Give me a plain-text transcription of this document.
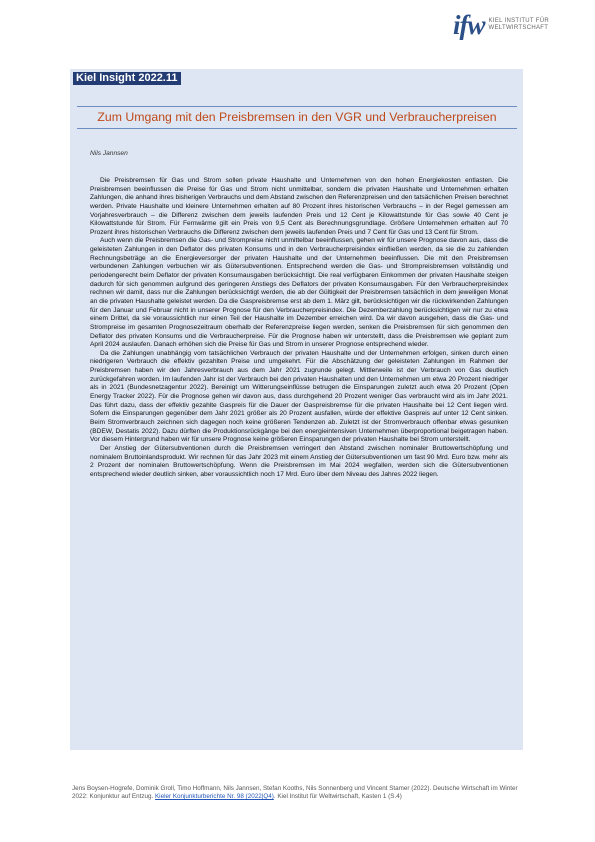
ifw KIEL INSTITUT FÜR
WELTWIRTSCHAFT
Kiel Insight 2022.11
Zum Umgang mit den Preisbremsen in den VGR und Verbraucherpreisen
Nils Jannsen

Die Preisbremsen für Gas und Strom sollen private Haushalte und Unternehmen von den hohen Energiekosten entlasten. Die Preisbremsen beeinflussen die Preise für Gas und Strom nicht unmittelbar, sondern die privaten Haushalte und Unternehmen erhalten Zahlungen, die anhand ihres bisherigen Verbrauchs und dem Abstand zwischen den Referenzpreisen und den tatsächlichen Preisen berechnet werden. Private Haushalte und kleinere Unternehmen erhalten auf 80 Prozent ihres historischen Verbrauchs – in der Regel gemessen am Vorjahresverbrauch – die Differenz zwischen dem jeweils laufenden Preis und 12 Cent je Kilowattstunde für Gas sowie 40 Cent je Kilowattstunde für Strom. Für Fernwärme gilt ein Preis von 9,5 Cent als Berechnungsgrundlage. Größere Unternehmen erhalten auf 70 Prozent ihres historischen Verbrauchs die Differenz zwischen dem jeweils laufenden Preis und 7 Cent für Gas und 13 Cent für Strom.

Auch wenn die Preisbremsen die Gas- und Strompreise nicht unmittelbar beeinflussen, gehen wir für unsere Prognose davon aus, dass die geleisteten Zahlungen in den Deflator des privaten Konsums und in den Verbraucherpreisindex einfließen werden, da sie die zu zahlenden Rechnungsbeträge an die Energieversorger der privaten Haushalte und der Unternehmen beeinflussen. Die mit den Preisbremsen verbundenen Zahlungen verbuchen wir als Gütersubventionen. Entsprechend werden die Gas- und Strompreisbremsen vollständig und periodengerecht beim Deflator der privaten Konsumausgaben berücksichtigt. Die real verfügbaren Einkommen der privaten Haushalte steigen dadurch für sich genommen aufgrund des geringeren Anstiegs des Deflators der privaten Konsumausgaben. Für den Verbraucherpreisindex rechnen wir damit, dass nur die Zahlungen berücksichtigt werden, die ab der Gültigkeit der Preisbremsen tatsächlich in dem jeweiligen Monat an die privaten Haushalte geleistet werden. Da die Gaspreisbremse erst ab dem 1. März gilt, berücksichtigen wir die rückwirkenden Zahlungen für den Januar und Februar nicht in unserer Prognose für den Verbraucherpreisindex. Die Dezemberzahlung berücksichtigen wir nur zu etwa einem Drittel, da sie voraussichtlich nur einen Teil der Haushalte im Dezember erreichen wird. Da wir davon ausgehen, dass die Gas- und Strompreise im gesamten Prognosezeitraum oberhalb der Referenzpreise liegen werden, senken die Preisbremsen für sich genommen den Deflator des privaten Konsums und die Verbraucherpreise. Für die Prognose haben wir unterstellt, dass die Preisbremsen wie geplant zum April 2024 auslaufen. Danach erhöhen sich die Preise für Gas und Strom in unserer Prognose entsprechend wieder.

Da die Zahlungen unabhängig vom tatsächlichen Verbrauch der privaten Haushalte und der Unternehmen erfolgen, sinken durch einen niedrigeren Verbrauch die effektiv gezahlten Preise und umgekehrt. Für die Abschätzung der geleisteten Zahlungen im Rahmen der Preisbremsen haben wir den Jahresverbrauch aus dem Jahr 2021 zugrunde gelegt. Mittlerweile ist der Verbrauch von Gas deutlich zurückgefahren worden. Im laufenden Jahr ist der Verbrauch bei den privaten Haushalten und den Unternehmen um etwa 20 Prozent niedriger als in 2021 (Bundesnetzagentur 2022). Bereinigt um Witterungseinflüsse betrugen die Einsparungen zuletzt auch etwa 20 Prozent (Open Energy Tracker 2022). Für die Prognose gehen wir davon aus, dass durchgehend 20 Prozent weniger Gas verbraucht wird als im Jahr 2021. Das führt dazu, dass der effektiv gezahlte Gaspreis für die Dauer der Gaspreisbremse für die privaten Haushalte bei 12 Cent liegen wird. Sofern die Einsparungen gegenüber dem Jahr 2021 größer als 20 Prozent ausfallen, würde der effektive Gaspreis auf unter 12 Cent sinken. Beim Stromverbrauch zeichnen sich dagegen noch keine größeren Tendenzen ab. Zuletzt ist der Stromverbrauch offenbar etwas gesunken (BDEW, Destatis 2022). Dazu dürften die Produktionsrückgänge bei den energieintensiven Unternehmen überproportional beigetragen haben. Vor diesem Hintergrund haben wir für unsere Prognose keine größeren Einsparungen der privaten Haushalte bei Strom unterstellt.

Der Anstieg der Gütersubventionen durch die Preisbremsen verringert den Abstand zwischen nominaler Bruttowertschöpfung und nominalem Bruttoinlandsprodukt. Wir rechnen für das Jahr 2023 mit einem Anstieg der Gütersubventionen um fast 90 Mrd. Euro bzw. mehr als 2 Prozent der nominalen Bruttowertschöpfung. Wenn die Preisbremsen im Mai 2024 wegfallen, werden sich die Gütersubventionen entsprechend wieder deutlich sinken, aber voraussichtlich noch 17 Mrd. Euro über dem Niveau des Jahres 2022 liegen.

Jens Boysen-Hogrefe, Dominik Groll, Timo Hoffmann, Nils Jannsen, Stefan Kooths, Nils Sonnenberg und Vincent Stamer (2022). Deutsche Wirtschaft im Winter 2022: Konjunktur auf Entzug. Kieler Konjunkturberichte Nr. 98 (2022|Q4). Kiel Institut für Weltwirtschaft, Kasten 1 (S.4)
